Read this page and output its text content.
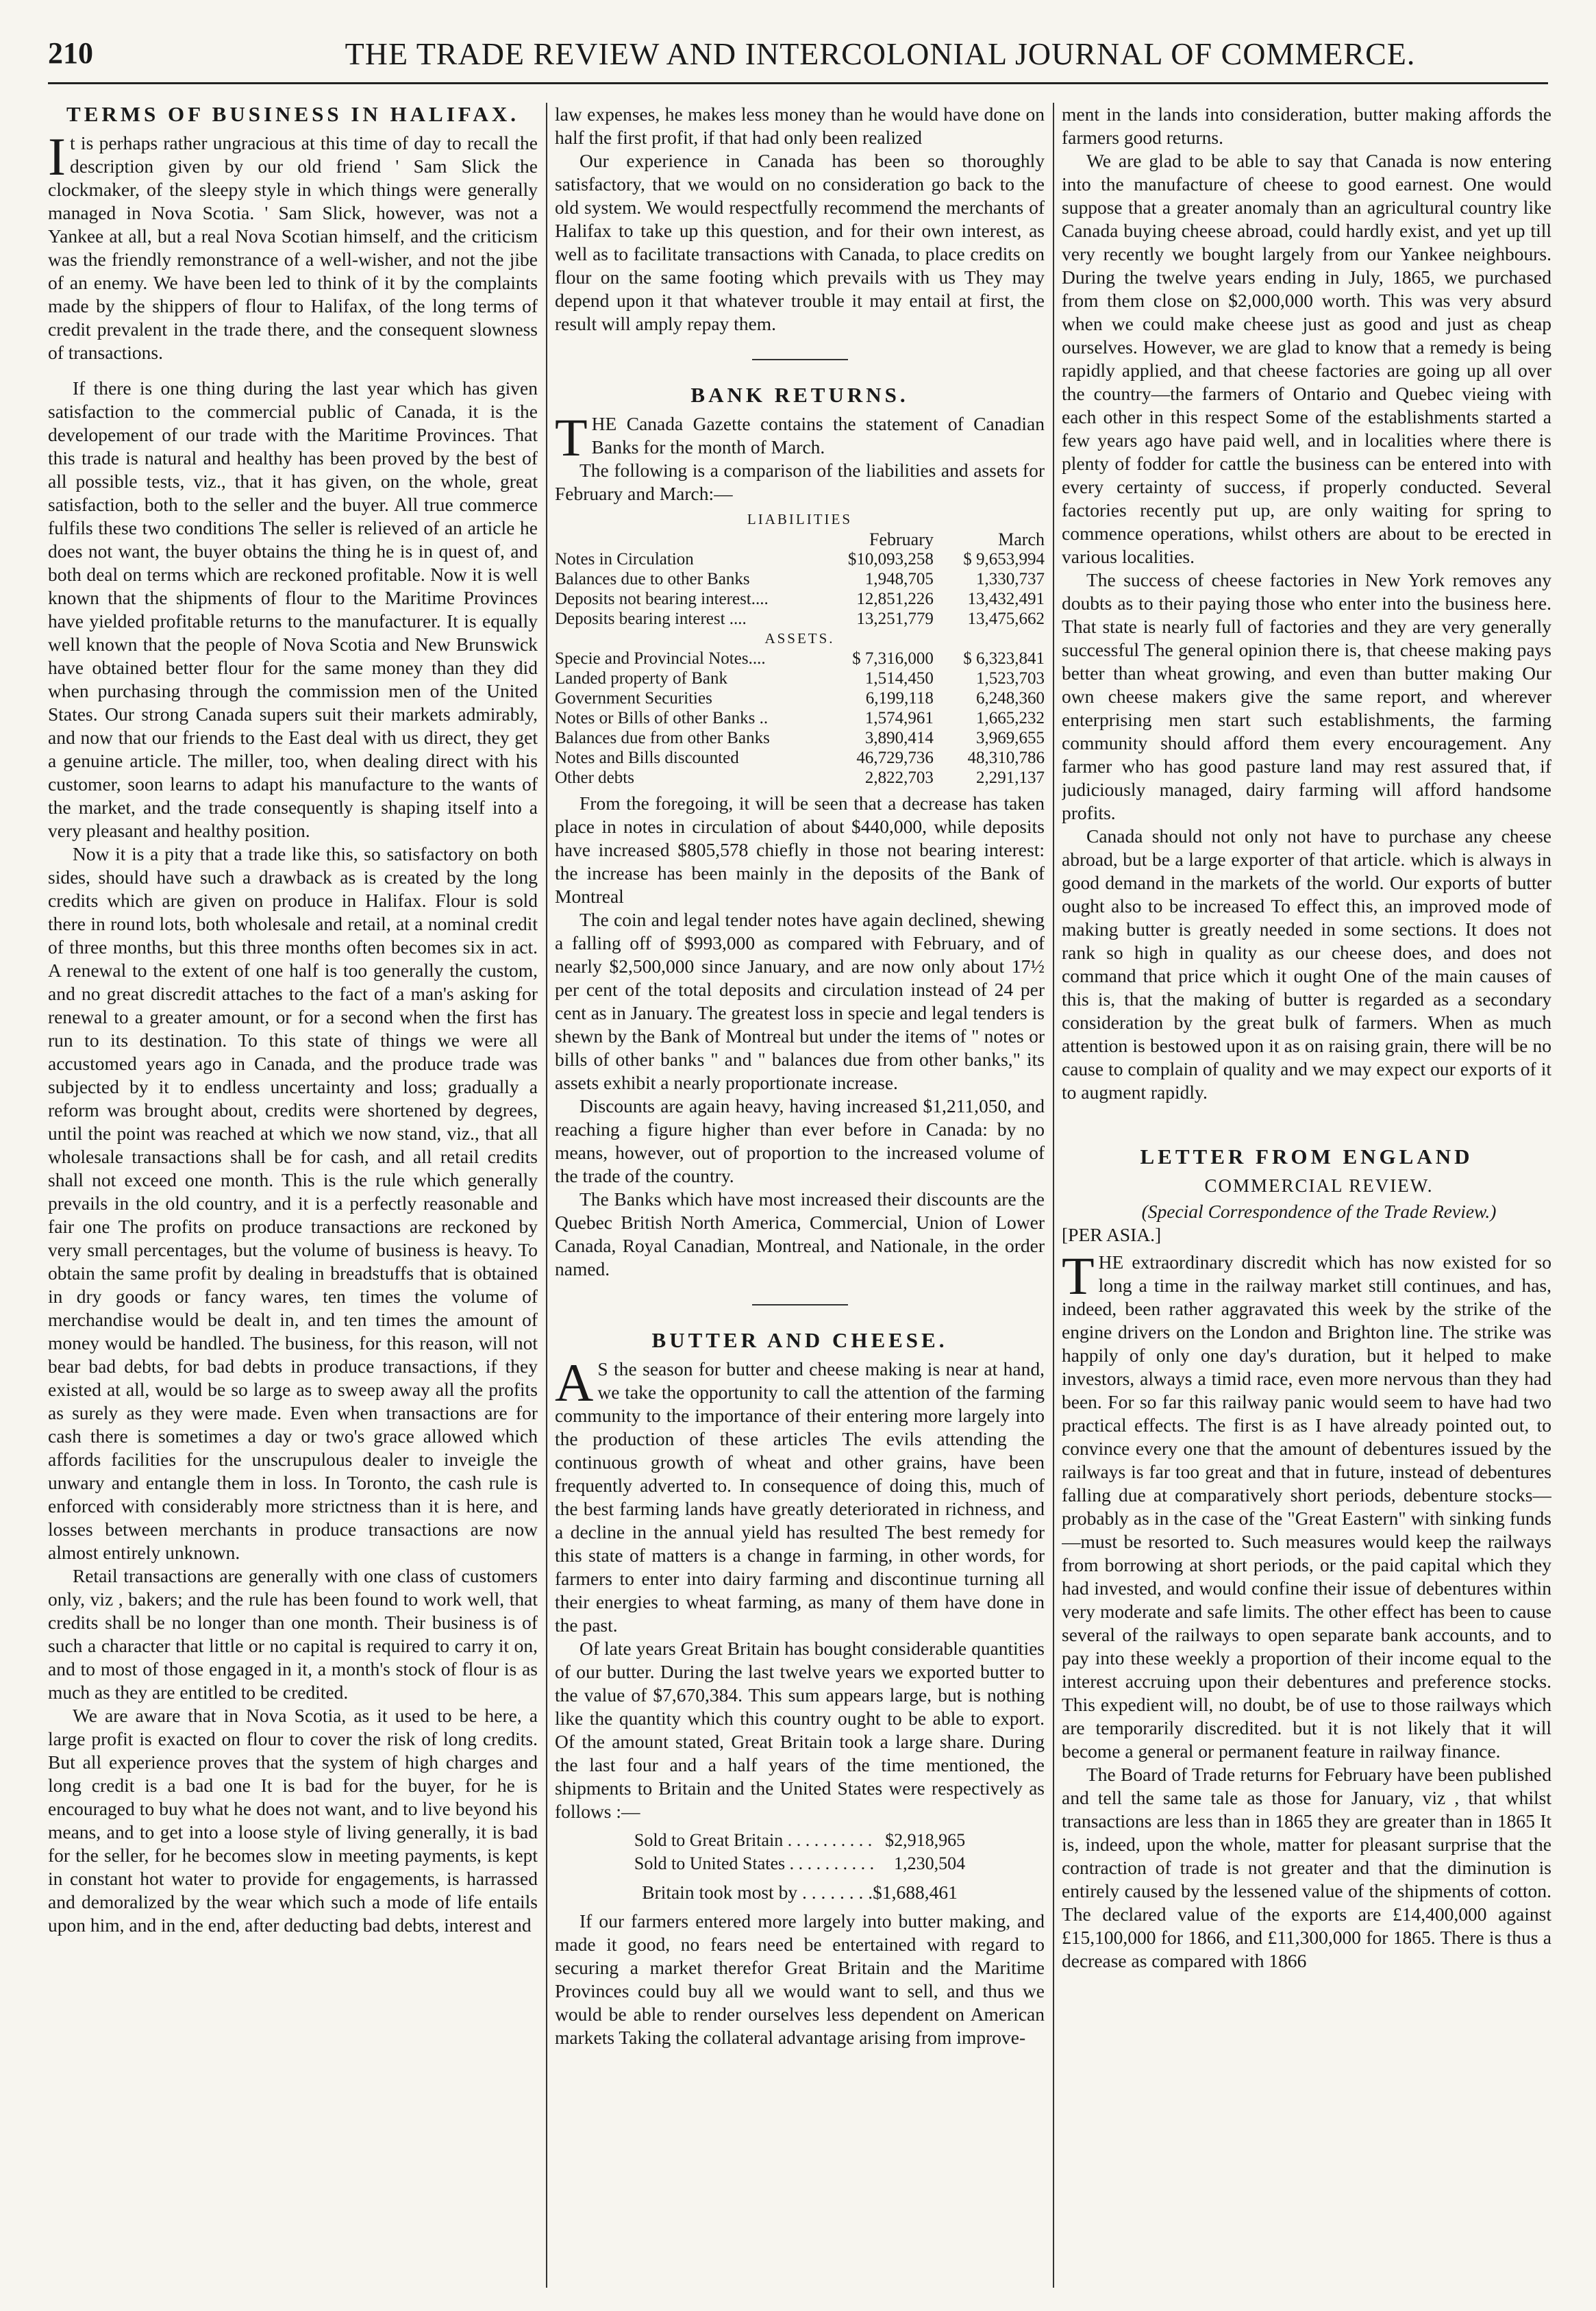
210	THE TRADE REVIEW AND INTERCOLONIAL JOURNAL OF COMMERCE.
TERMS OF BUSINESS IN HALIFAX.

It is perhaps rather ungracious at this time of day to recall the description given by our old friend ' Sam Slick the clockmaker, of the sleepy style in which things were generally managed in Nova Scotia. ' Sam Slick, however, was not a Yankee at all, but a real Nova Scotian himself, and the criticism was the friendly remonstrance of a well-wisher, and not the jibe of an enemy. We have been led to think of it by the complaints made by the shippers of flour to Halifax, of the long terms of credit prevalent in the trade there, and the consequent slowness of transactions.

If there is one thing during the last year which has given satisfaction to the commercial public of Canada, it is the developement of our trade with the Maritime Provinces. That this trade is natural and healthy has been proved by the best of all possible tests, viz., that it has given, on the whole, great satisfaction, both to the seller and the buyer. All true commerce fulfils these two conditions The seller is relieved of an article he does not want, the buyer obtains the thing he is in quest of, and both deal on terms which are reckoned profitable. Now it is well known that the shipments of flour to the Maritime Provinces have yielded profitable returns to the manufacturer. It is equally well known that the people of Nova Scotia and New Brunswick have obtained better flour for the same money than they did when purchasing through the commission men of the United States. Our strong Canada supers suit their markets admirably, and now that our friends to the East deal with us direct, they get a genuine article. The miller, too, when dealing direct with his customer, soon learns to adapt his manufacture to the wants of the market, and the trade consequently is shaping itself into a very pleasant and healthy position.

Now it is a pity that a trade like this, so satisfactory on both sides, should have such a drawback as is created by the long credits which are given on produce in Halifax. Flour is sold there in round lots, both wholesale and retail, at a nominal credit of three months, but this three months often becomes six in act. A renewal to the extent of one half is too generally the custom, and no great discredit attaches to the fact of a man's asking for renewal to a greater amount, or for a second when the first has run to its destination. To this state of things we were all accustomed years ago in Canada, and the produce trade was subjected by it to endless uncertainty and loss; gradually a reform was brought about, credits were shortened by degrees, until the point was reached at which we now stand, viz., that all wholesale transactions shall be for cash, and all retail credits shall not exceed one month. This is the rule which generally prevails in the old country, and it is a perfectly reasonable and fair one The profits on produce transactions are reckoned by very small percentages, but the volume of business is heavy. To obtain the same profit by dealing in breadstuffs that is obtained in dry goods or fancy wares, ten times the volume of merchandise would be dealt in, and ten times the amount of money would be handled. The business, for this reason, will not bear bad debts, for bad debts in produce transactions, if they existed at all, would be so large as to sweep away all the profits as surely as they were made. Even when transactions are for cash there is sometimes a day or two's grace allowed which affords facilities for the unscrupulous dealer to inveigle the unwary and entangle them in loss. In Toronto, the cash rule is enforced with considerably more strictness than it is here, and losses between merchants in produce transactions are now almost entirely unknown.

Retail transactions are generally with one class of customers only, viz , bakers; and the rule has been found to work well, that credits shall be no longer than one month. Their business is of such a character that little or no capital is required to carry it on, and to most of those engaged in it, a month's stock of flour is as much as they are entitled to be credited.

We are aware that in Nova Scotia, as it used to be here, a large profit is exacted on flour to cover the risk of long credits. But all experience proves that the system of high charges and long credit is a bad one It is bad for the buyer, for he is encouraged to buy what he does not want, and to live beyond his means, and to get into a loose style of living generally, it is bad for the seller, for he becomes slow in meeting payments, is kept in constant hot water to provide for engagements, is harrassed and demoralized by the wear which such a mode of life entails upon him, and in the end, after deducting bad debts, interest and

law expenses, he makes less money than he would have done on half the first profit, if that had only been realized

Our experience in Canada has been so thoroughly satisfactory, that we would on no consideration go back to the old system. We would respectfully recommend the merchants of Halifax to take up this question, and for their own interest, as well as to facilitate transactions with Canada, to place credits on flour on the same footing which prevails with us They may depend upon it that whatever trouble it may entail at first, the result will amply repay them.

BANK RETURNS.

THE Canada Gazette contains the statement of Canadian Banks for the month of March.

The following is a comparison of the liabilities and assets for February and March:—

LIABILITIES		
	February	March
Notes in Circulation	$10,093,258	$ 9,653,994
Balances due to other Banks	1,948,705	1,330,737
Deposits not bearing interest....	12,851,226	13,432,491
Deposits bearing interest ....	13,251,779	13,475,662
ASSETS.		
Specie and Provincial Notes....	$ 7,316,000	$ 6,323,841
Landed property of Bank	1,514,450	1,523,703
Government Securities	6,199,118	6,248,360
Notes or Bills of other Banks ..	1,574,961	1,665,232
Balances due from other Banks	3,890,414	3,969,655
Notes and Bills discounted	46,729,736	48,310,786
Other debts	2,822,703	2,291,137

From the foregoing, it will be seen that a decrease has taken place in notes in circulation of about $440,000, while deposits have increased $805,578 chiefly in those not bearing interest: the increase has been mainly in the deposits of the Bank of Montreal

The coin and legal tender notes have again declined, shewing a falling off of $993,000 as compared with February, and of nearly $2,500,000 since January, and are now only about 17½ per cent of the total deposits and circulation instead of 24 per cent as in January. The greatest loss in specie and legal tenders is shewn by the Bank of Montreal but under the items of " notes or bills of other banks " and " balances due from other banks," its assets exhibit a nearly proportionate increase.

Discounts are again heavy, having increased $1,211,050, and reaching a figure higher than ever before in Canada: by no means, however, out of proportion to the increased volume of the trade of the country.

The Banks which have most increased their discounts are the Quebec British North America, Commercial, Union of Lower Canada, Royal Canadian, Montreal, and Nationale, in the order named.

BUTTER AND CHEESE.

A S the season for butter and cheese making is near at hand, we take the opportunity to call the attention of the farming community to the importance of their entering more largely into the production of these articles The evils attending the continuous growth of wheat and other grains, have been frequently adverted to. In consequence of doing this, much of the best farming lands have greatly deteriorated in richness, and a decline in the annual yield has resulted The best remedy for this state of matters is a change in farming, in other words, for farmers to enter into dairy farming and discontinue turning all their energies to wheat farming, as many of them have done in the past.

Of late years Great Britain has bought considerable quantities of our butter. During the last twelve years we exported butter to the value of $7,670,384. This sum appears large, but is nothing like the quantity which this country ought to be able to export. Of the amount stated, Great Britain took a large share. During the last four and a half years of the time mentioned, the shipments to Britain and the United States were respectively as follows :—

Sold to Great Britain . . . . . . . . . .	$2,918,965
Sold to United States . . . . . . . . . .	1,230,504
Britain took most by . . . . . . . .$1,688,461

If our farmers entered more largely into butter making, and made it good, no fears need be entertained with regard to securing a market therefor Great Britain and the Maritime Provinces could buy all we would want to sell, and thus we would be able to render ourselves less dependent on American markets Taking the collateral advantage arising from improve-

ment in the lands into consideration, butter making affords the farmers good returns.

We are glad to be able to say that Canada is now entering into the manufacture of cheese to good earnest. One would suppose that a greater anomaly than an agricultural country like Canada buying cheese abroad, could hardly exist, and yet up till very recently we bought largely from our Yankee neighbours. During the twelve years ending in July, 1865, we purchased from them close on $2,000,000 worth. This was very absurd when we could make cheese just as good and just as cheap ourselves. However, we are glad to know that a remedy is being rapidly applied, and that cheese factories are going up all over the country—the farmers of Ontario and Quebec vieing with each other in this respect Some of the establishments started a few years ago have paid well, and in localities where there is plenty of fodder for cattle the business can be entered into with every certainty of success, if properly conducted. Several factories recently put up, are only waiting for spring to commence operations, whilst others are about to be erected in various localities.

The success of cheese factories in New York removes any doubts as to their paying those who enter into the business here. That state is nearly full of factories and they are very generally successful The general opinion there is, that cheese making pays better than wheat growing, and even than butter making Our own cheese makers give the same report, and wherever enterprising men start such establishments, the farming community should afford them every encouragement. Any farmer who has good pasture land may rest assured that, if judiciously managed, dairy farming will afford handsome profits.

Canada should not only not have to purchase any cheese abroad, but be a large exporter of that article. which is always in good demand in the markets of the world. Our exports of butter ought also to be increased To effect this, an improved mode of making butter is greatly needed in some sections. It does not rank so high in quality as our cheese does, and does not command that price which it ought One of the main causes of this is, that the making of butter is regarded as a secondary consideration by the great bulk of farmers. When as much attention is bestowed upon it as on raising grain, there will be no cause to complain of quality and we may expect our exports of it to augment rapidly.

LETTER FROM ENGLAND

COMMERCIAL REVIEW.

(Special Correspondence of the Trade Review.)

[PER ASIA.]

THE extraordinary discredit which has now existed for so long a time in the railway market still continues, and has, indeed, been rather aggravated this week by the strike of the engine drivers on the London and Brighton line. The strike was happily of only one day's duration, but it helped to make investors, always a timid race, even more nervous than they had been. For so far this railway panic would seem to have had two practical effects. The first is as I have already pointed out, to convince every one that the amount of debentures issued by the railways is far too great and that in future, instead of debentures falling due at comparatively short periods, debenture stocks—probably as in the case of the "Great Eastern" with sinking funds—must be resorted to. Such measures would keep the railways from borrowing at short periods, or the paid capital which they had invested, and would confine their issue of debentures within very moderate and safe limits. The other effect has been to cause several of the railways to open separate bank accounts, and to pay into these weekly a proportion of their income equal to the interest accruing upon their debentures and preference stocks. This expedient will, no doubt, be of use to those railways which are temporarily discredited. but it is not likely that it will become a general or permanent feature in railway finance.

The Board of Trade returns for February have been published and tell the same tale as those for January, viz , that whilst transactions are less than in 1865 they are greater than in 1865 It is, indeed, upon the whole, matter for pleasant surprise that the contraction of trade is not greater and that the diminution is entirely caused by the lessened value of the shipments of cotton. The declared value of the exports are £14,400,000 against £15,100,000 for 1866, and £11,300,000 for 1865. There is thus a decrease as compared with 1866
